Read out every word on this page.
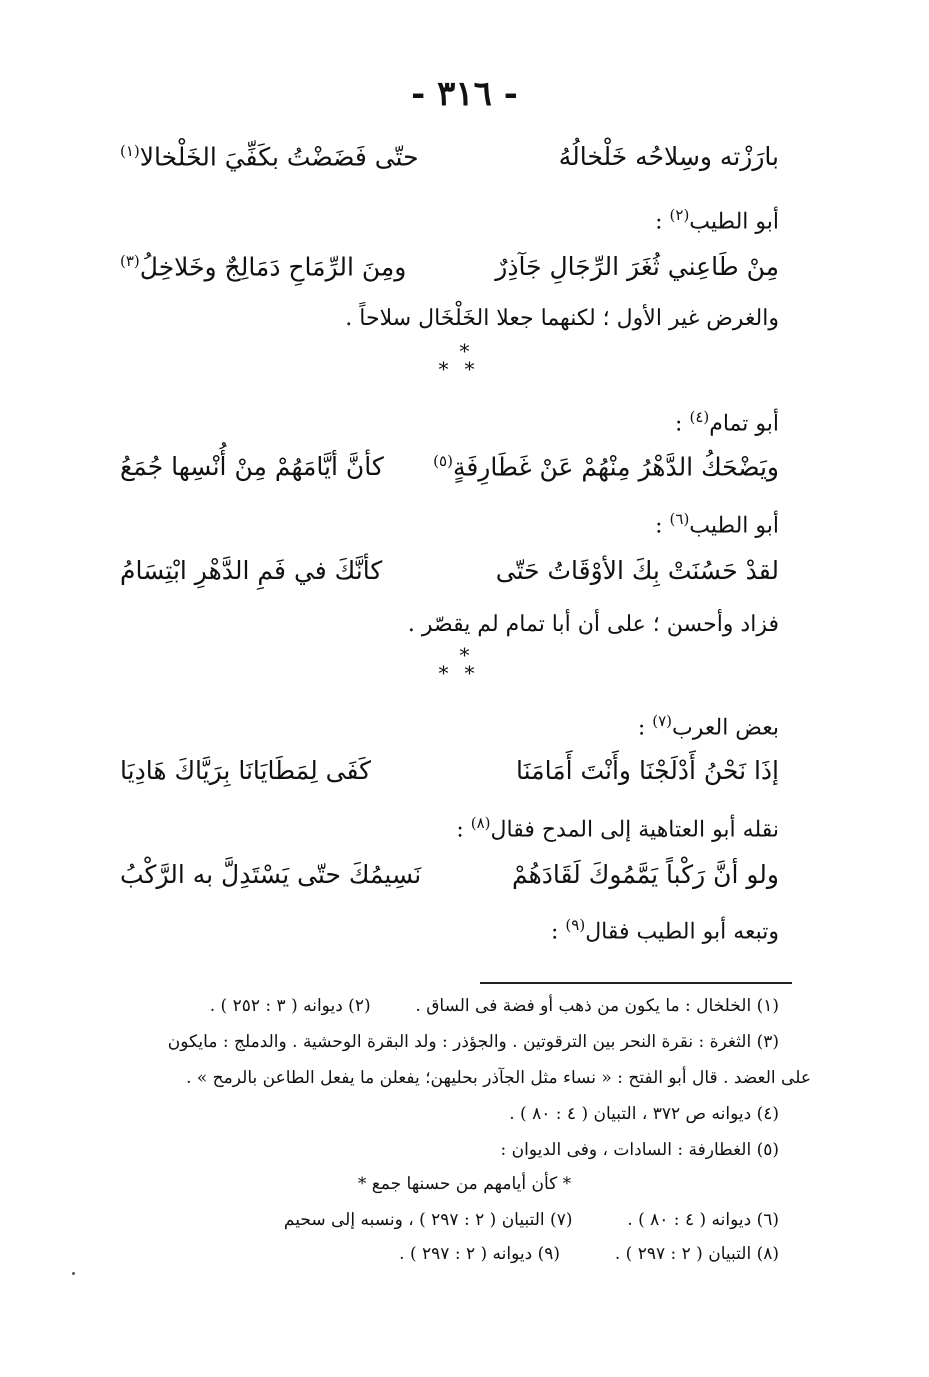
- ٣١٦ -
بارَزْته وسِلاحُه خَلْخالُهُ
حتّى فَضَضْتُ بكَفِّيَ الخَلْخالا$^{(١)}$
أبو الطيب$^{(٢)}$ :
مِنْ طَاعِني ثُغَرَ الرِّجَالِ جَآذِرٌ
ومِنَ الرِّمَاحِ دَمَالِجٌ وخَلاخِلُ$^{(٣)}$
والغرض غير الأول ؛ لكنهما جعلا الخَلْخَال سلاحاً .
*
**
أبو تمام$^{(٤)}$ :
ويَضْحَكُ الدَّهْرُ مِنْهُمْ عَنْ غَطَارِفَةٍ$^{(٥)}$
كأنَّ أيَّامَهُمْ مِنْ أُنْسِها جُمَعُ
أبو الطيب$^{(٦)}$ :
لقدْ حَسُنَتْ بِكَ الأوْقَاتُ حَتّى
كأنَّكَ في فَمِ الدَّهْرِ ابْتِسَامُ
فزاد وأحسن ؛ على أن أبا تمام لم يقصّر .
*
**
بعض العرب$^{(٧)}$ :
إذَا نَحْنُ أَدْلَجْنَا وأَنْتَ أَمَامَنَا
كَفَى لِمَطَايَانَا بِرَيَّاكَ هَادِيَا
نقله أبو العتاهية إلى المدح فقال$^{(٨)}$ :
ولو أنَّ رَكْباً يَمَّمُوكَ لَقَادَهُمْ
نَسِيمُكَ حتّى يَسْتَدِلَّ به الرَّكْبُ
وتبعه أبو الطيب فقال$^{(٩)}$ :
(١) الخلخال : ما يكون من ذهب أو فضة فى الساق .  (٢) ديوانه ( ٣ : ٢٥٢ ) .
(٣) الثغرة : نقرة النحر بين الترقوتين . والجؤذر : ولد البقرة الوحشية . والدملج : مايكون
على العضد . قال أبو الفتح : « نساء مثل الجآذر بحليهن؛ يفعلن ما يفعل الطاعن بالرمح » .
(٤) ديوانه ص ٣٧٢ ، التبيان ( ٤ : ٨٠ ) .
(٥) الغطارفة : السادات ، وفى الديوان :
* كأن أيامهم من حسنها جمع *
(٦) ديوانه ( ٤ : ٨٠ ) .  (٧) التبيان ( ٢ : ٢٩٧ ) ، ونسبه إلى سحيم
(٨) التبيان ( ٢ : ٢٩٧ ) .  (٩) ديوانه ( ٢ : ٢٩٧ ) .
